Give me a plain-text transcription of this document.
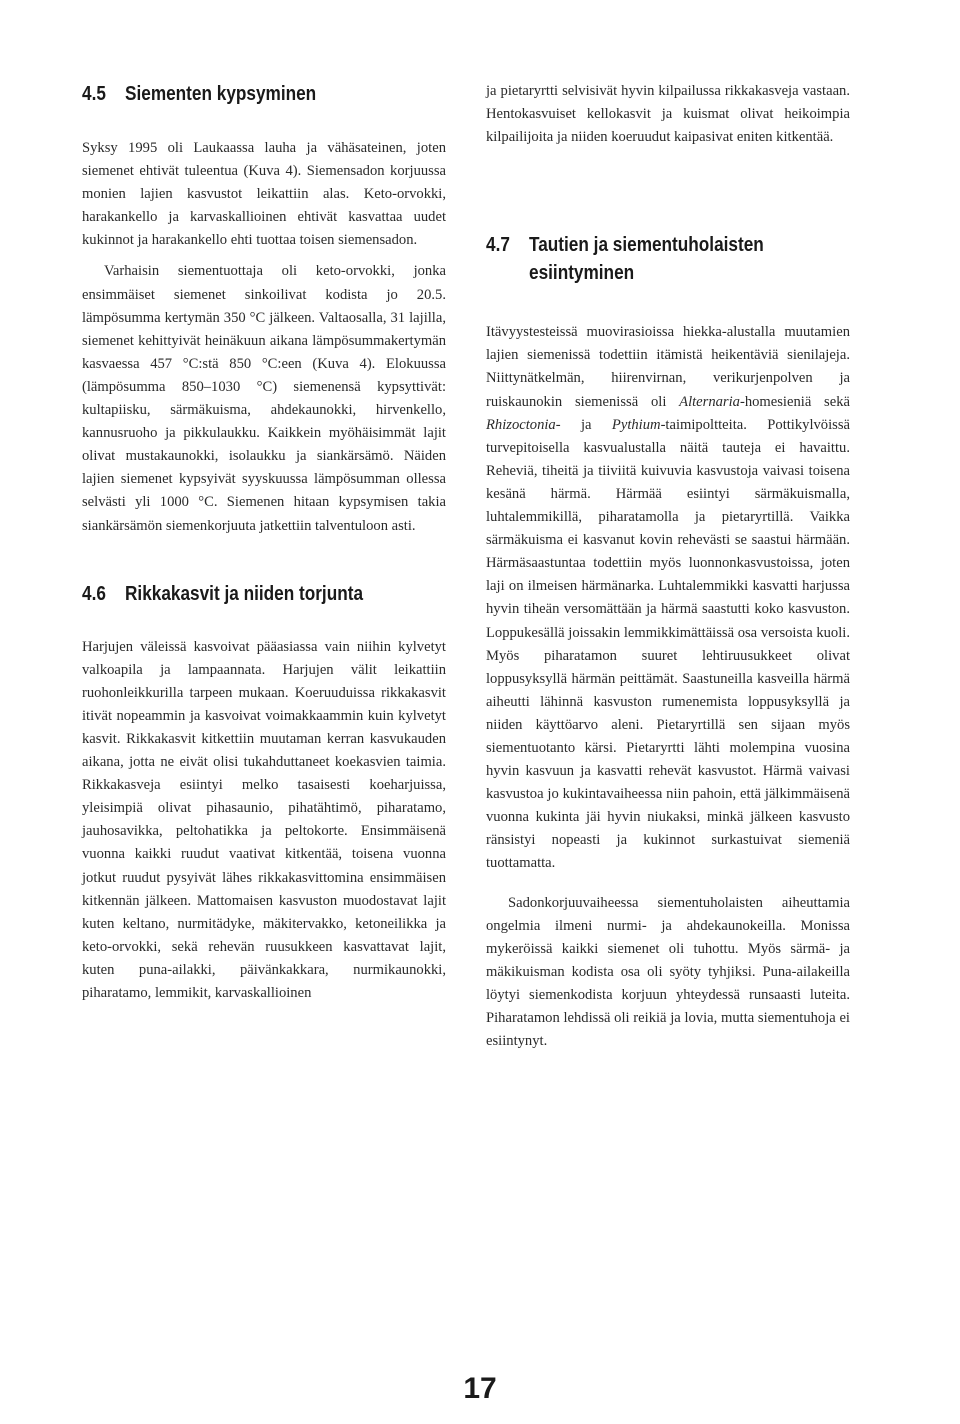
4.5 Siementen kypsyminen

Syksy 1995 oli Laukaassa lauha ja vähäsateinen, joten siemenet ehtivät tuleentua (Kuva 4). Siemensadon korjuussa monien lajien kasvustot leikattiin alas. Keto-orvokki, harakankello ja karvaskallioinen ehtivät kasvattaa uudet kukinnot ja harakankello ehti tuottaa toisen siemensadon.

Varhaisin siementuottaja oli keto-orvokki, jonka ensimmäiset siemenet sinkoilivat kodista jo 20.5. lämpösumma kertymän 350 °C jälkeen. Valtaosalla, 31 lajilla, siemenet kehittyivät heinäkuun aikana lämpösummakertymän kasvaessa 457 °C:stä 850 °C:een (Kuva 4). Elokuussa (lämpösumma 850–1030 °C) siemenensä kypsyttivät: kultapiisku, särmäkuisma, ahdekaunokki, hirvenkello, kannusruoho ja pikkulaukku. Kaikkein myöhäisimmät lajit olivat mustakaunokki, isolaukku ja siankärsämö. Näiden lajien siemenet kypsyivät syyskuussa lämpösumman ollessa selvästi yli 1000 °C. Siemenen hitaan kypsymisen takia siankärsämön siemenkorjuuta jatkettiin talventuloon asti.

4.6 Rikkakasvit ja niiden torjunta

Harjujen väleissä kasvoivat pääasiassa vain niihin kylvetyt valkoapila ja lampaannata. Harjujen välit leikattiin ruohonleikkurilla tarpeen mukaan. Koeruuduissa rikkakasvit itivät nopeammin ja kasvoivat voimakkaammin kuin kylvetyt kasvit. Rikkakasvit kitkettiin muutaman kerran kasvukauden aikana, jotta ne eivät olisi tukahduttaneet koekasvien taimia. Rikkakasveja esiintyi melko tasaisesti koeharjuissa, yleisimpiä olivat pihasaunio, pihatähtimö, piharatamo, jauhosavikka, peltohatikka ja peltokorte. Ensimmäisenä vuonna kaikki ruudut vaativat kitkentää, toisena vuonna jotkut ruudut pysyivät lähes rikkakasvittomina ensimmäisen kitkennän jälkeen. Mattomaisen kasvuston muodostavat lajit kuten keltano, nurmitädyke, mäkitervakko, ketoneilikka ja keto-orvokki, sekä rehevän ruusukkeen kasvattavat lajit, kuten puna-ailakki, päivänkakkara, nurmikaunokki, piharatamo, lemmikit, karvaskallioinen

ja pietaryrtti selvisivät hyvin kilpailussa rikkakasveja vastaan. Hentokasvuiset kellokasvit ja kuismat olivat heikoimpia kilpailijoita ja niiden koeruudut kaipasivat eniten kitkentää.

4.7 Tautien ja siementuholaisten
esiintyminen

Itävyystesteissä muovirasioissa hiekka-alustalla muutamien lajien siemenissä todettiin itämistä heikentäviä sienilajeja. Niittynätkelmän, hiirenvirnan, verikurjenpolven ja ruiskaunokin siemenissä oli Alternaria-homesieniä sekä Rhizoctonia- ja Pythium-taimipoltteita. Pottikylvöissä turvepitoisella kasvualustalla näitä tauteja ei havaittu. Reheviä, tiheitä ja tiiviitä kuivuvia kasvustoja vaivasi toisena kesänä härmä. Härmää esiintyi särmäkuismalla, luhtalemmikillä, piharatamolla ja pietaryrtillä. Vaikka särmäkuisma ei kasvanut kovin rehevästi se saastui härmään. Härmäsaastuntaa todettiin myös luonnonkasvustoissa, joten laji on ilmeisen härmänarka. Luhtalemmikki kasvatti harjussa hyvin tiheän versomättään ja härmä saastutti koko kasvuston. Loppukesällä joissakin lemmikkimättäissä osa versoista kuoli. Myös piharatamon suuret lehtiruusukkeet olivat loppusyksyllä härmän peittämät. Saastuneilla kasveilla härmä aiheutti lähinnä kasvuston rumenemista loppusyksyllä ja niiden käyttöarvo aleni. Pietaryrtillä sen sijaan myös siementuotanto kärsi. Pietaryrtti lähti molempina vuosina hyvin kasvuun ja kasvatti rehevät kasvustot. Härmä vaivasi kasvustoa jo kukintavaiheessa niin pahoin, että jälkimmäisenä vuonna kukinta jäi hyvin niukaksi, minkä jälkeen kasvusto ränsistyi nopeasti ja kukinnot surkastuivat siemeniä tuottamatta.

Sadonkorjuuvaiheessa siementuholaisten aiheuttamia ongelmia ilmeni nurmi- ja ahdekaunokeilla. Monissa mykeröissä kaikki siemenet oli tuhottu. Myös särmä- ja mäkikuisman kodista osa oli syöty tyhjiksi. Puna-ailakeilla löytyi siemenkodista korjuun yhteydessä runsaasti luteita. Piharatamon lehdissä oli reikiä ja lovia, mutta siementuhoja ei esiintynyt.

17
